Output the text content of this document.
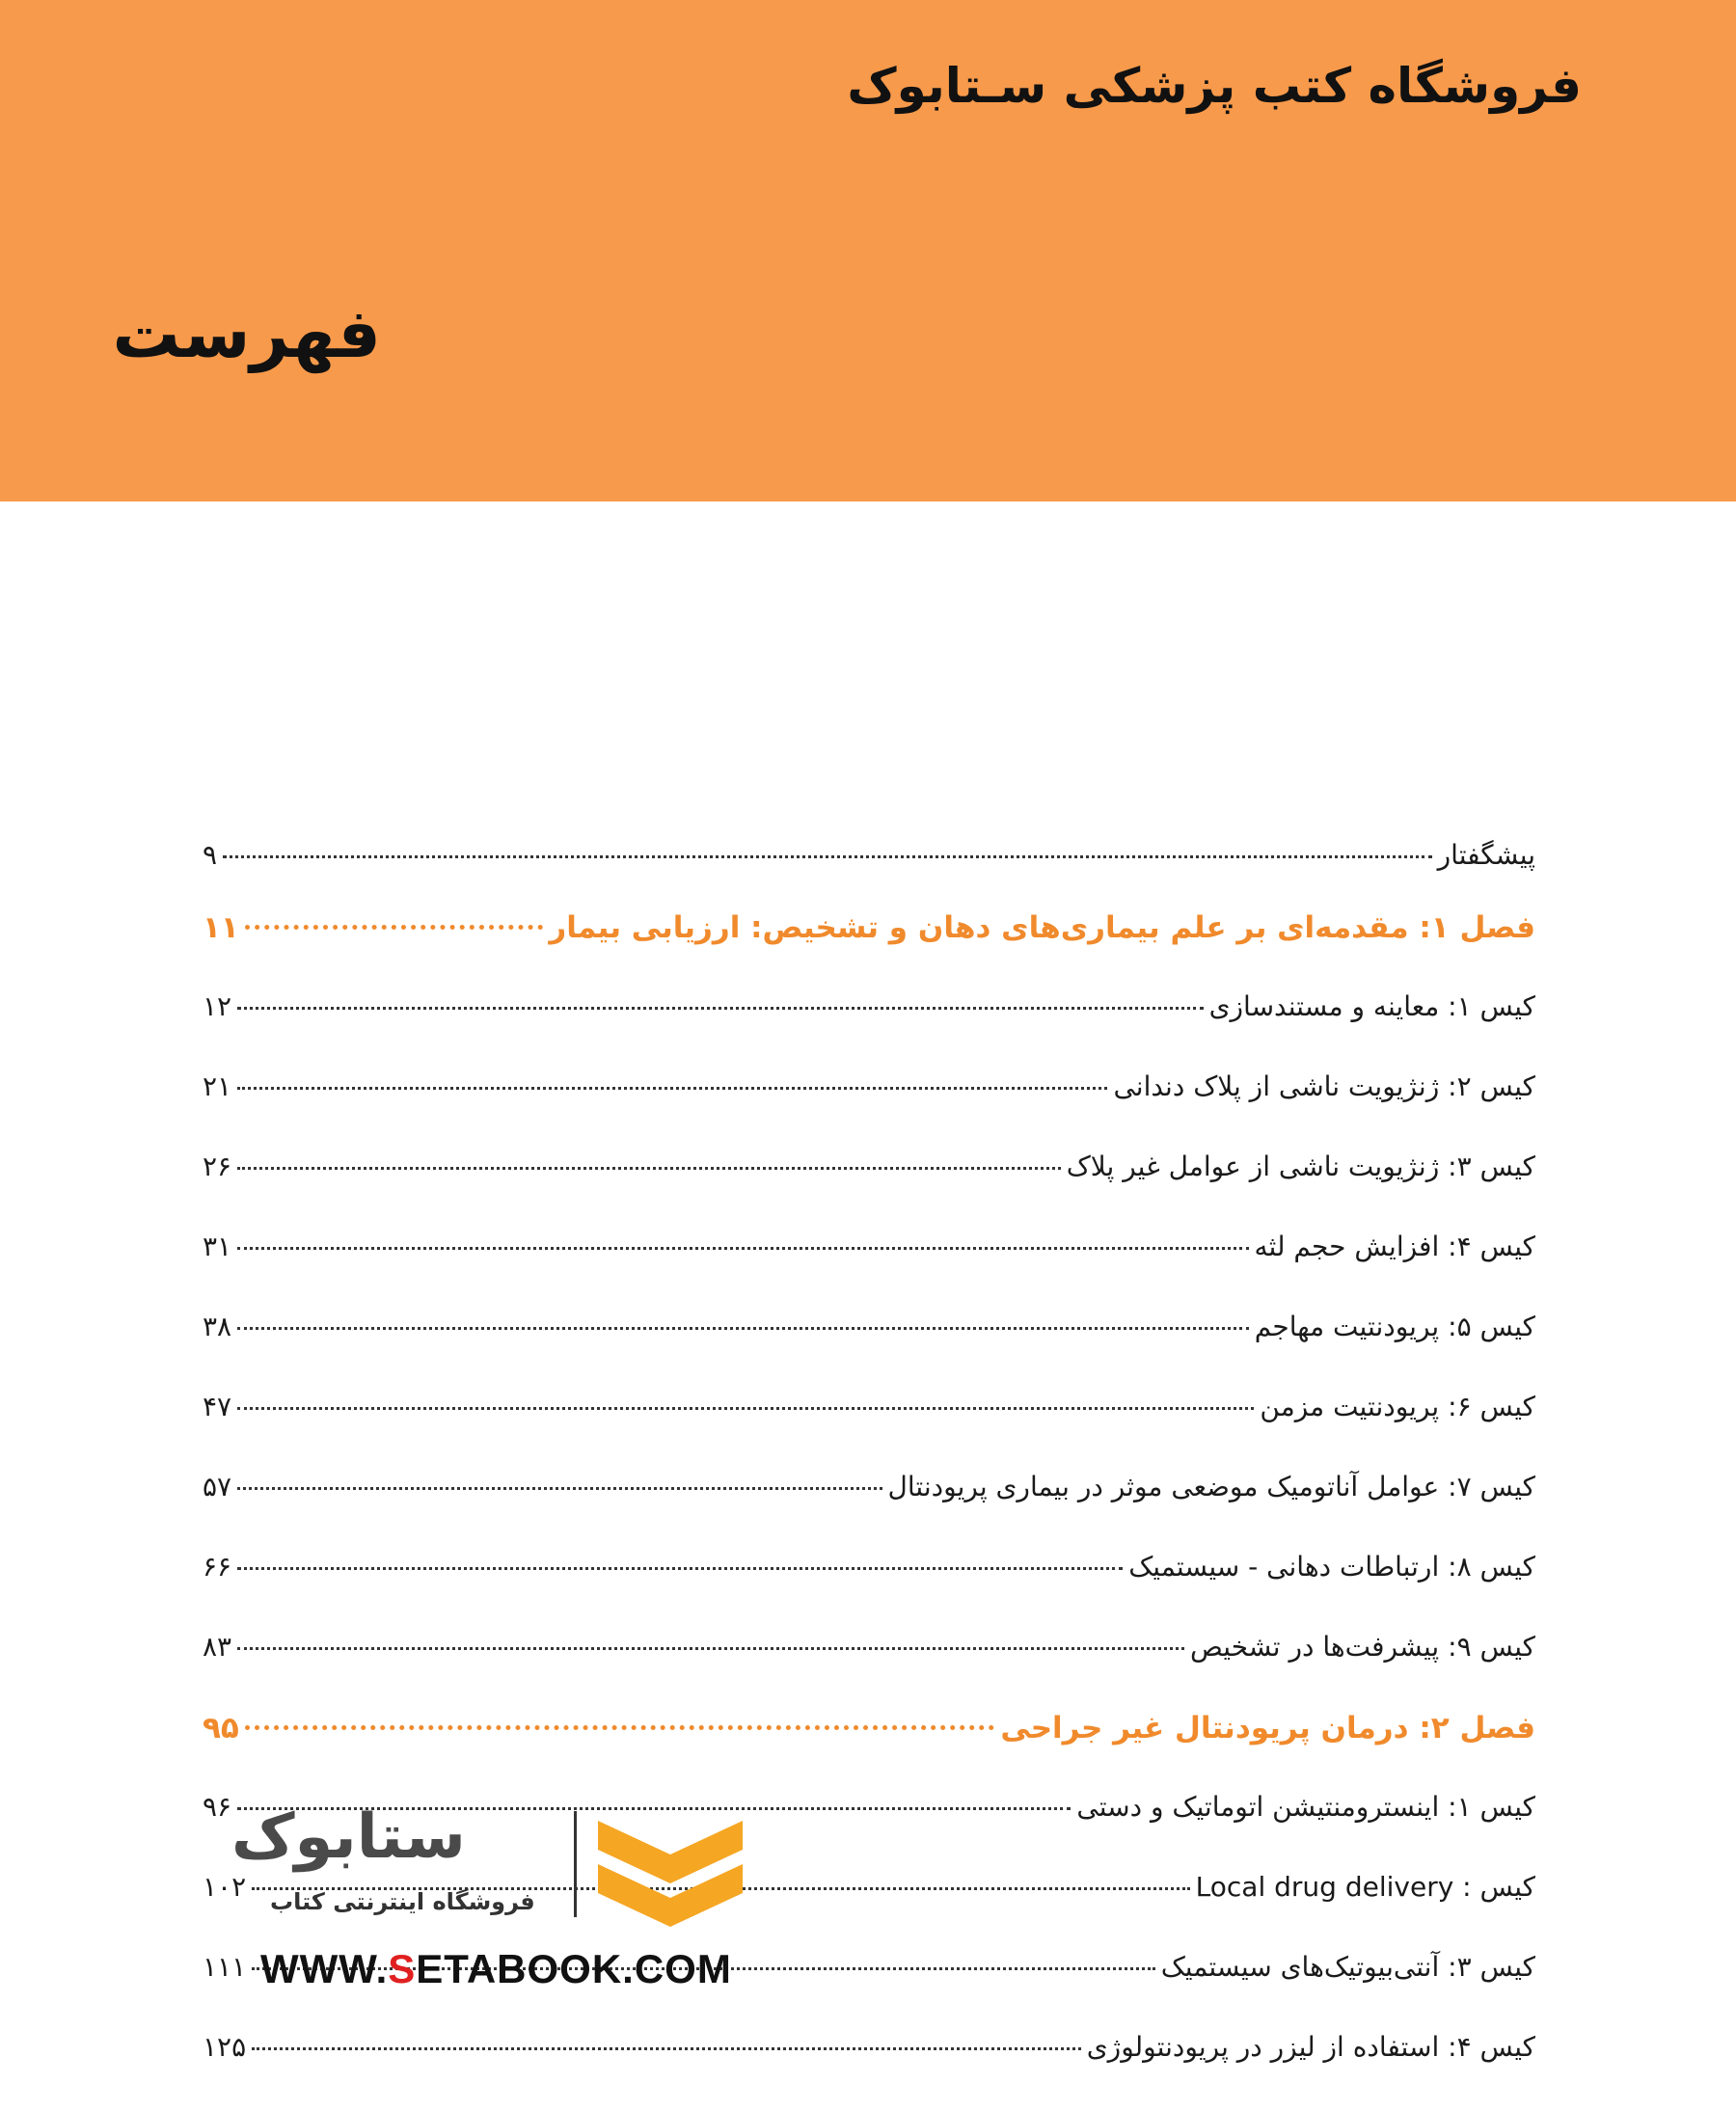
فروشگاه کتب پزشکی سـتابوک
فهرست
پیشگفتار
۹
فصل ۱: مقدمه‌ای بر علم بیماری‌های دهان و تشخیص: ارزیابی بیمار
۱۱
کیس ۱: معاینه و مستندسازی
۱۲
کیس ۲: ژنژیویت ناشی از پلاک دندانی
۲۱
کیس ۳: ژنژیویت ناشی از عوامل غیر پلاک
۲۶
کیس ۴: افزایش حجم لثه
۳۱
کیس ۵: پریودنتیت مهاجم
۳۸
کیس ۶: پریودنتیت مزمن
۴۷
کیس ۷: عوامل آناتومیک موضعی موثر در بیماری پریودنتال
۵۷
کیس ۸: ارتباطات دهانی - سیستمیک
۶۶
کیس ۹: پیشرفت‌ها در تشخیص
۸۳
فصل ۲: درمان پریودنتال غیر جراحی
۹۵
کیس ۱: اینسترومنتیشن اتوماتیک و دستی
۹۶
کیس : Local drug delivery
۱۰۲
کیس ۳: آنتی‌بیوتیک‌های سیستمیک
۱۱۱
کیس ۴: استفاده از لیزر در پریودنتولوژی
۱۲۵
ستابوک
فروشگاه اینترنتی کتاب
WWW.SETABOOK.COM
